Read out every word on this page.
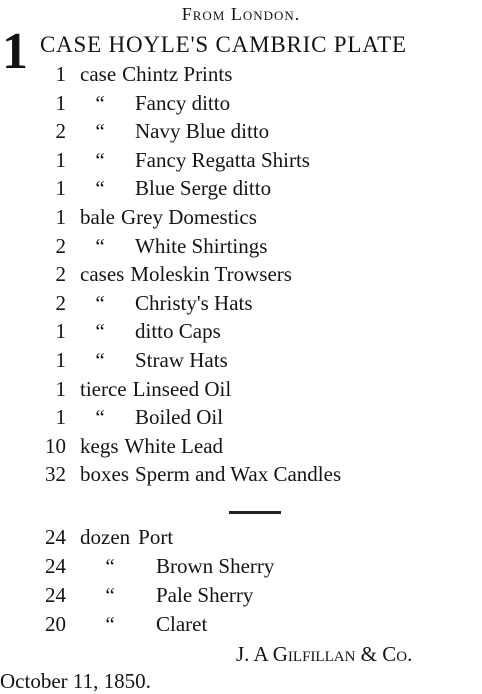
From London.
1 CASE HOYLE'S CAMBRIC PLATE
1 case Chintz Prints
1 “ Fancy ditto
2 “ Navy Blue ditto
1 “ Fancy Regatta Shirts
1 “ Blue Serge ditto
1 bale Grey Domestics
2 “ White Shirtings
2 cases Moleskin Trowsers
2 “ Christy's Hats
1 “ ditto Caps
1 “ Straw Hats
1 tierce Linseed Oil
1 “ Boiled Oil
10 kegs White Lead
32 boxes Sperm and Wax Candles
24 dozen Port
24 “ Brown Sherry
24 “ Pale Sherry
20 “ Claret
J. A Gilfillan & Co.
October 11, 1850.
